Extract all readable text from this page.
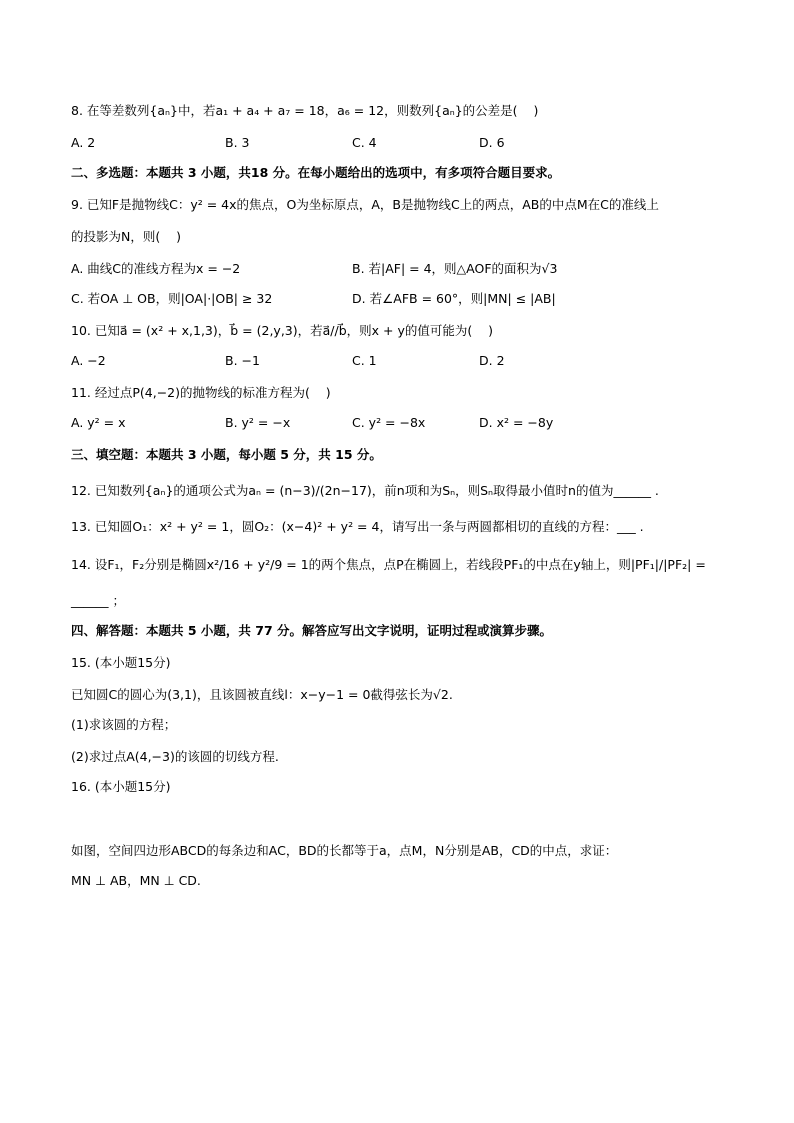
8. 在等差数列{aₙ}中，若a₁ + a₄ + a₇ = 18，a₆ = 12，则数列{aₙ}的公差是(    )
A. 2	B. 3	C. 4	D. 6
二、多选题：本题共 3 小题，共18 分。在每小题给出的选项中，有多项符合题目要求。
9. 已知F是抛物线C：y² = 4x的焦点，O为坐标原点，A，B是抛物线C上的两点，AB的中点M在C的准线上
的投影为N，则(    )
A. 曲线C的准线方程为x = −2	B. 若|AF| = 4，则△AOF的面积为√3
C. 若OA ⊥ OB，则|OA|·|OB| ≥ 32	D. 若∠AFB = 60°，则|MN| ≤ |AB|
10. 已知a⃗ = (x² + x,1,3)，b⃗ = (2,y,3)，若a⃗//b⃗，则x + y的值可能为(    )
A. −2	B. −1	C. 1	D. 2
11. 经过点P(4,−2)的抛物线的标准方程为(    )
A. y² = x	B. y² = −x	C. y² = −8x	D. x² = −8y
三、填空题：本题共 3 小题，每小题 5 分，共 15 分。
12. 已知数列{aₙ}的通项公式为aₙ = (n−3)/(2n−17)，前n项和为Sₙ，则Sₙ取得最小值时n的值为______ .
13. 已知圆O₁：x² + y² = 1，圆O₂：(x−4)² + y² = 4，请写出一条与两圆都相切的直线的方程：___ .
14. 设F₁，F₂分别是椭圆x²/16 + y²/9 = 1的两个焦点，点P在椭圆上，若线段PF₁的中点在y轴上，则|PF₁|/|PF₂| =
______ ；
四、解答题：本题共 5 小题，共 77 分。解答应写出文字说明，证明过程或演算步骤。
15. (本小题15分)
已知圆C的圆心为(3,1)，且该圆被直线l：x−y−1 = 0截得弦长为√2.
(1)求该圆的方程；
(2)求过点A(4,−3)的该圆的切线方程.
16. (本小题15分)
如图，空间四边形ABCD的每条边和AC，BD的长都等于a，点M，N分别是AB，CD的中点，求证：
MN ⊥ AB，MN ⊥ CD.
